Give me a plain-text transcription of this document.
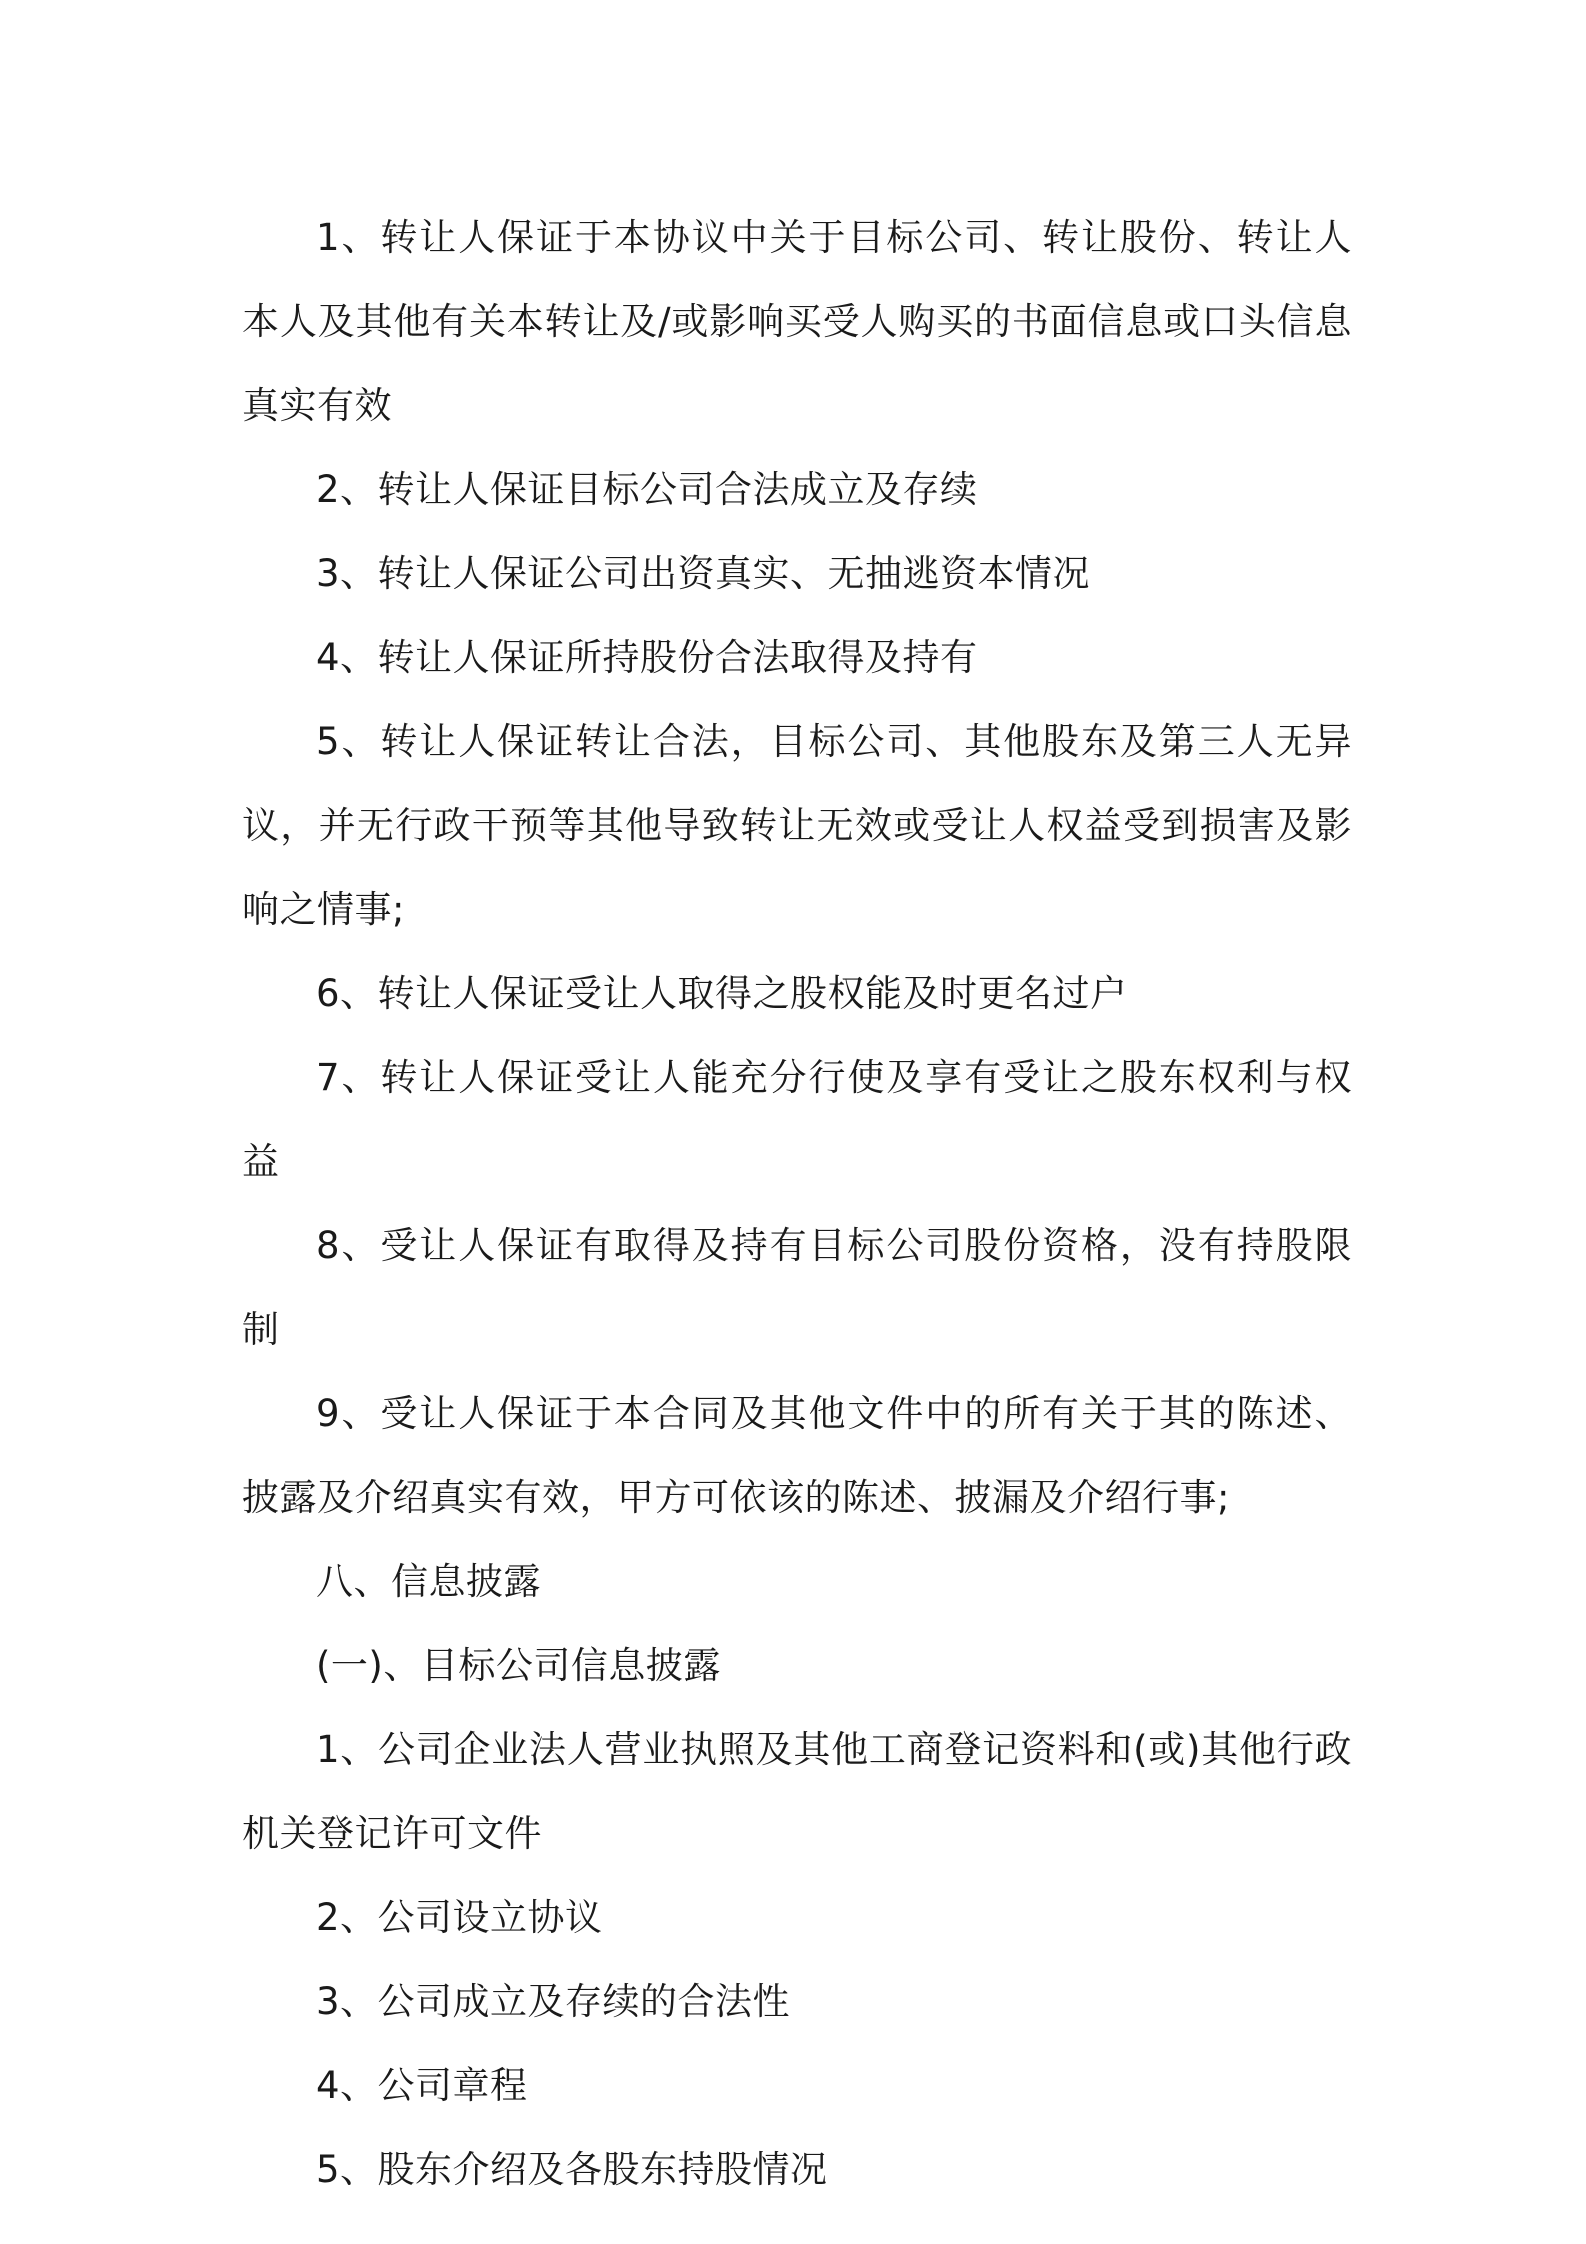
1、转让人保证于本协议中关于目标公司、转让股份、转让人本人及其他有关本转让及/或影响买受人购买的书面信息或口头信息真实有效

2、转让人保证目标公司合法成立及存续

3、转让人保证公司出资真实、无抽逃资本情况

4、转让人保证所持股份合法取得及持有

5、转让人保证转让合法，目标公司、其他股东及第三人无异议，并无行政干预等其他导致转让无效或受让人权益受到损害及影响之情事;

6、转让人保证受让人取得之股权能及时更名过户

7、转让人保证受让人能充分行使及享有受让之股东权利与权益

8、受让人保证有取得及持有目标公司股份资格，没有持股限制

9、受让人保证于本合同及其他文件中的所有关于其的陈述、披露及介绍真实有效，甲方可依该的陈述、披漏及介绍行事;

八、信息披露

(一)、目标公司信息披露

1、公司企业法人营业执照及其他工商登记资料和(或)其他行政机关登记许可文件

2、公司设立协议

3、公司成立及存续的合法性

4、公司章程

5、股东介绍及各股东持股情况
